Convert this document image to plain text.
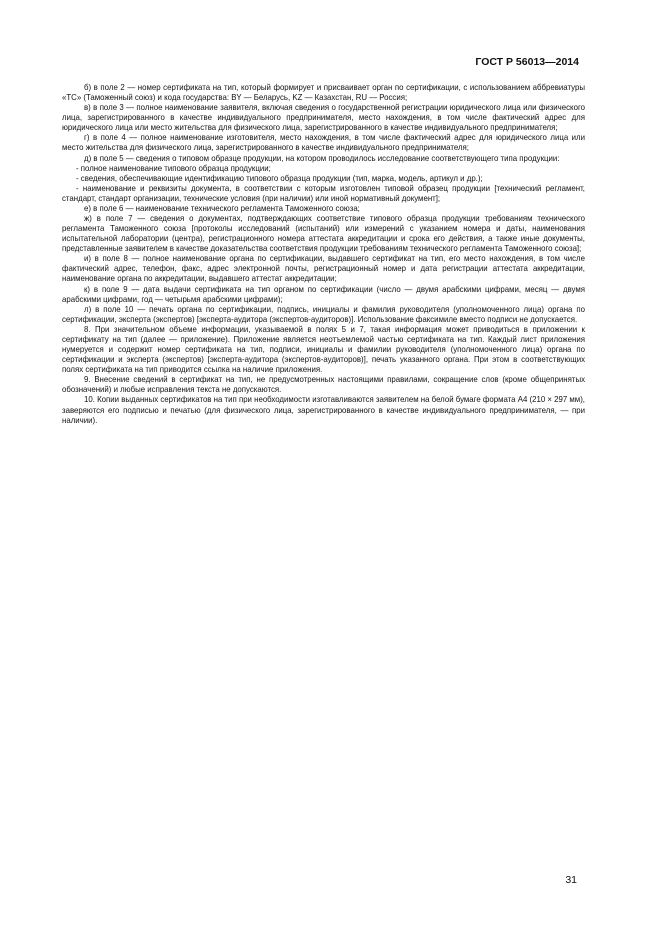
ГОСТ Р 56013—2014

б) в поле 2 — номер сертификата на тип, который формирует и присваивает орган по сертификации, с использованием аббревиатуры «ТС» (Таможенный союз) и кода государства: BY — Беларусь, KZ — Казахстан, RU — Россия;

в) в поле 3 — полное наименование заявителя, включая сведения о государственной регистрации юридического лица или физического лица, зарегистрированного в качестве индивидуального предпринимателя, место нахождения, в том числе фактический адрес для юридического лица или место жительства для физического лица, зарегистрированного в качестве индивидуального предпринимателя;

г) в поле 4 — полное наименование изготовителя, место нахождения, в том числе фактический адрес для юридического лица или место жительства для физического лица, зарегистрированного в качестве индивидуального предпринимателя;

д) в поле 5 — сведения о типовом образце продукции, на котором проводилось исследование соответствующего типа продукции:

- полное наименование типового образца продукции;

- сведения, обеспечивающие идентификацию типового образца продукции (тип, марка, модель, артикул и др.);

- наименование и реквизиты документа, в соответствии с которым изготовлен типовой образец продукции [технический регламент, стандарт, стандарт организации, технические условия (при наличии) или иной нормативный документ];

е) в поле 6 — наименование технического регламента Таможенного союза;

ж) в поле 7 — сведения о документах, подтверждающих соответствие типового образца продукции требованиям технического регламента Таможенного союза [протоколы исследований (испытаний) или измерений с указанием номера и даты, наименования испытательной лаборатории (центра), регистрационного номера аттестата аккредитации и срока его действия, а также иные документы, представленные заявителем в качестве доказательства соответствия продукции требованиям технического регламента Таможенного союза];

и) в поле 8 — полное наименование органа по сертификации, выдавшего сертификат на тип, его место нахождения, в том числе фактический адрес, телефон, факс, адрес электронной почты, регистрационный номер и дата регистрации аттестата аккредитации, наименование органа по аккредитации, выдавшего аттестат аккредитации;

к) в поле 9 — дата выдачи сертификата на тип органом по сертификации (число — двумя арабскими цифрами, месяц — двумя арабскими цифрами, год — четырьмя арабскими цифрами);

л) в поле 10 — печать органа по сертификации, подпись, инициалы и фамилия руководителя (уполномоченного лица) органа по сертификации, эксперта (экспертов) [эксперта-аудитора (экспертов-аудиторов)]. Использование факсимиле вместо подписи не допускается.

8. При значительном объеме информации, указываемой в полях 5 и 7, такая информация может приводиться в приложении к сертификату на тип (далее — приложение). Приложение является неотъемлемой частью сертификата на тип. Каждый лист приложения нумеруется и содержит номер сертификата на тип, подписи, инициалы и фамилии руководителя (уполномоченного лица) органа по сертификации и эксперта (экспертов) [эксперта-аудитора (экспертов-аудиторов)], печать указанного органа. При этом в соответствующих полях сертификата на тип приводится ссылка на наличие приложения.

9. Внесение сведений в сертификат на тип, не предусмотренных настоящими правилами, сокращение слов (кроме общепринятых обозначений) и любые исправления текста не допускаются.

10. Копии выданных сертификатов на тип при необходимости изготавливаются заявителем на белой бумаге формата А4 (210 × 297 мм), заверяются его подписью и печатью (для физического лица, зарегистрированного в качестве индивидуального предпринимателя, — при наличии).

31
